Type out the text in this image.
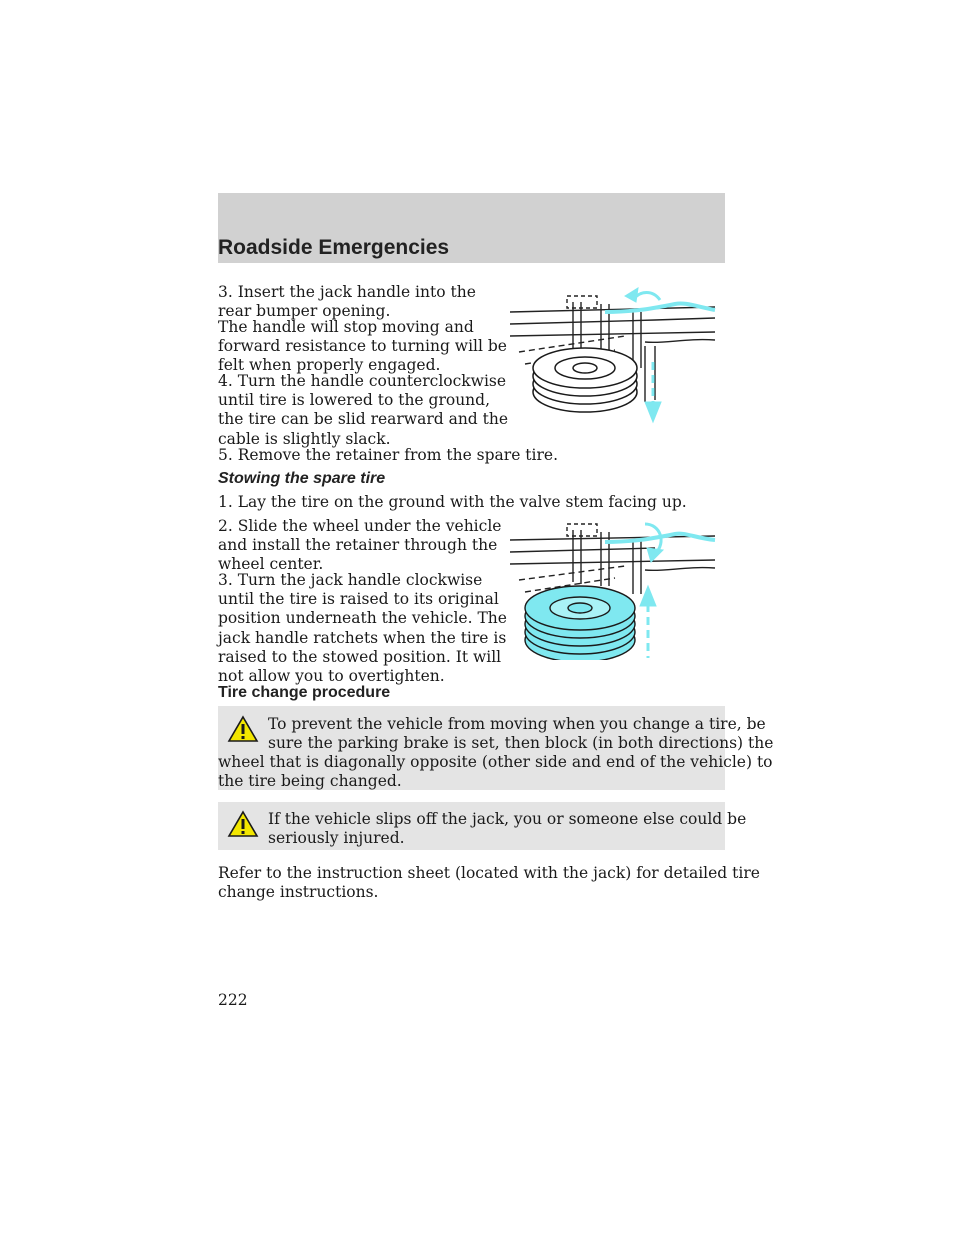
Roadside Emergencies
3. Insert the jack handle into the
rear bumper opening.
The handle will stop moving and
forward resistance to turning will be
felt when properly engaged.
4. Turn the handle counterclockwise
until tire is lowered to the ground,
the tire can be slid rearward and the
cable is slightly slack.
5. Remove the retainer from the spare tire.
Stowing the spare tire
1. Lay the tire on the ground with the valve stem facing up.
2. Slide the wheel under the vehicle
and install the retainer through the
wheel center.
3. Turn the jack handle clockwise
until the tire is raised to its original
position underneath the vehicle. The
jack handle ratchets when the tire is
raised to the stowed position. It will
not allow you to overtighten.
Tire change procedure
To prevent the vehicle from moving when you change a tire, be
sure the parking brake is set, then block (in both directions) the
wheel that is diagonally opposite (other side and end of the vehicle) to
the tire being changed.
If the vehicle slips off the jack, you or someone else could be
seriously injured.
Refer to the instruction sheet (located with the jack) for detailed tire
change instructions.
222
